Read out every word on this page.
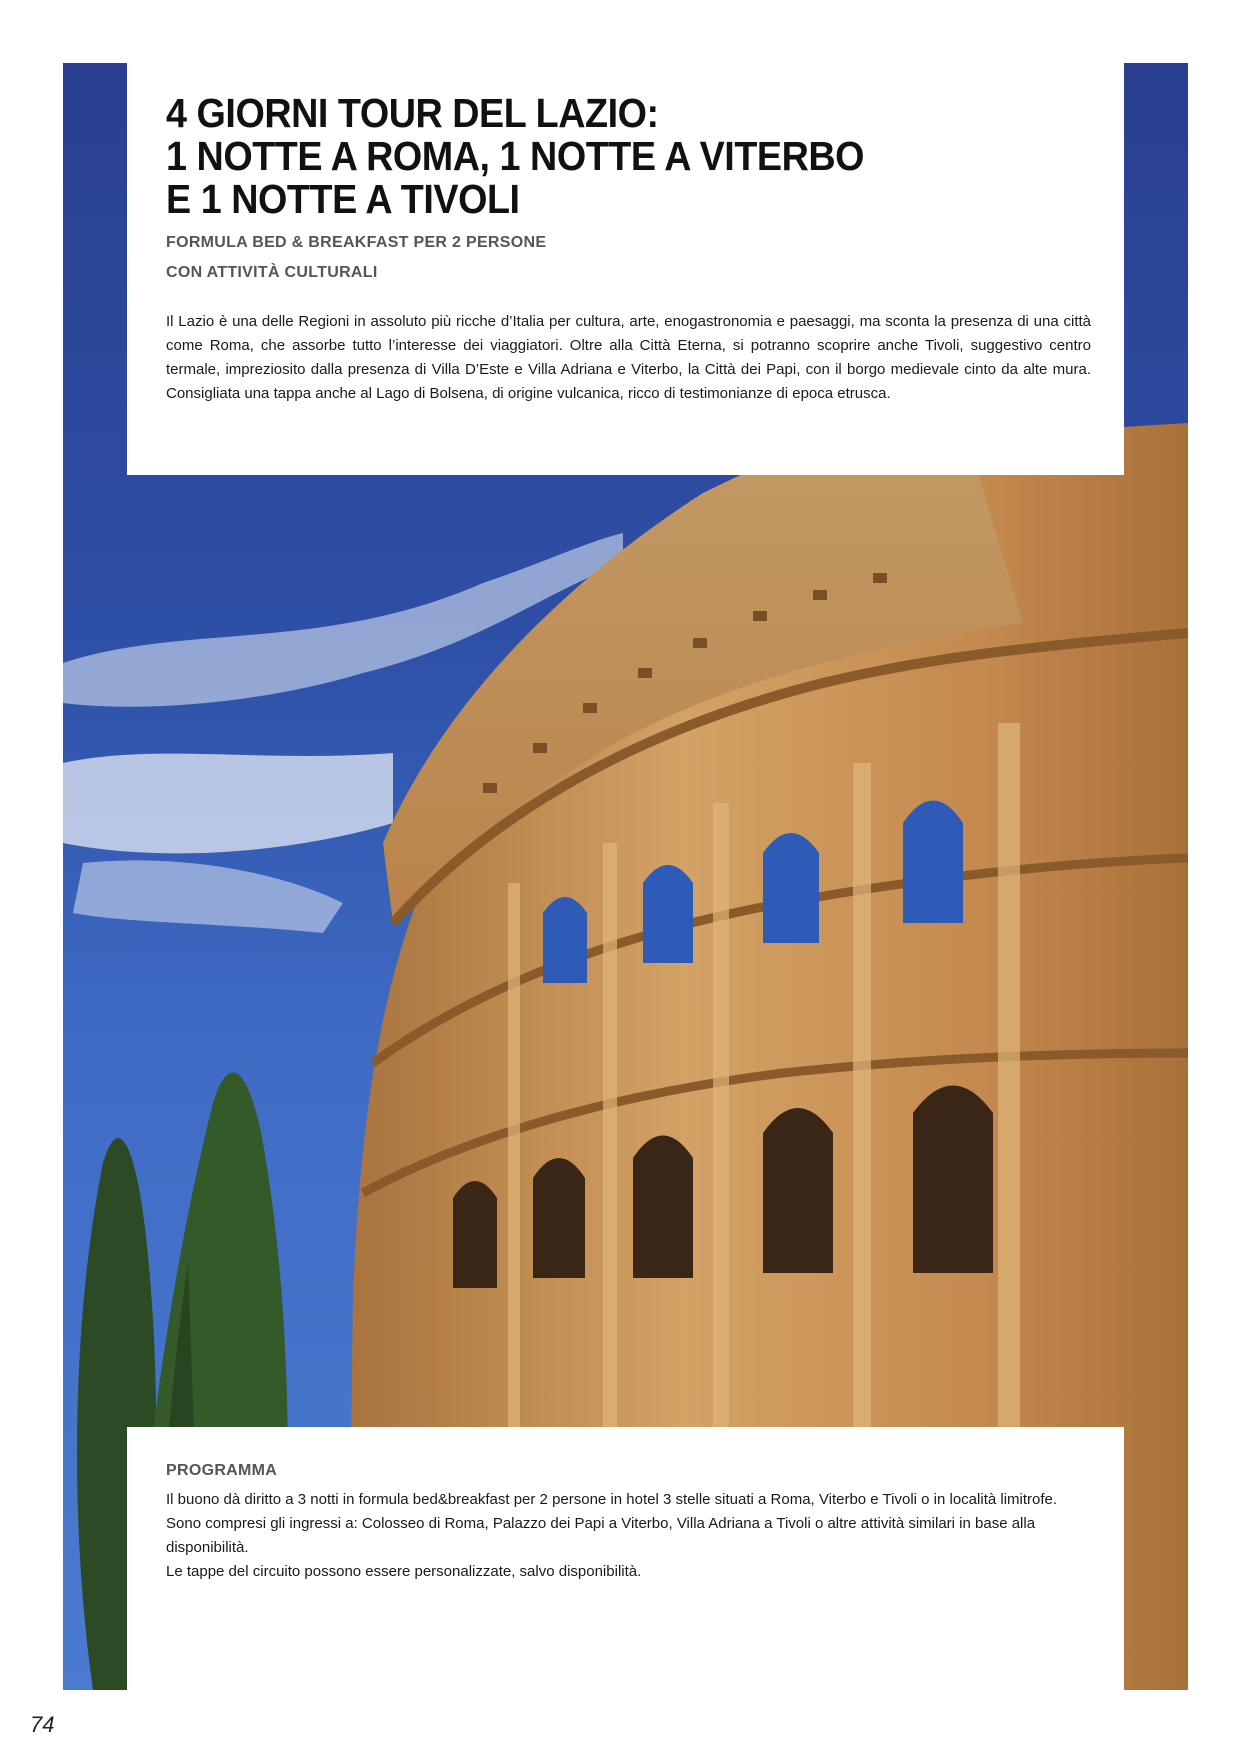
4 GIORNI TOUR DEL LAZIO:
1 NOTTE A ROMA, 1 NOTTE A VITERBO
E 1 NOTTE A TIVOLI
FORMULA BED & BREAKFAST PER 2 PERSONE
CON ATTIVITÀ CULTURALI

Il Lazio è una delle Regioni in assoluto più ricche d’Italia per cultura, arte, enogastronomia e paesaggi, ma sconta la presenza di una città come Roma, che assorbe tutto l’interesse dei viaggiatori. Oltre alla Città Eterna, si potranno scoprire anche Tivoli, suggestivo centro termale, impreziosito dalla presenza di Villa D’Este e Villa Adriana e Viterbo, la Città dei Papi, con il borgo medievale cinto da alte mura. Consigliata una tappa anche al Lago di Bolsena, di origine vulcanica, ricco di testimonianze di epoca etrusca.

PROGRAMMA

Il buono dà diritto a 3 notti in formula bed&breakfast per 2 persone in hotel 3 stelle situati a Roma, Viterbo e Tivoli o in località limitrofe.

Sono compresi gli ingressi a: Colosseo di Roma, Palazzo dei Papi a Viterbo, Villa Adriana a Tivoli o altre attività similari in base alla disponibilità.

Le tappe del circuito possono essere personalizzate, salvo disponibilità.

74
